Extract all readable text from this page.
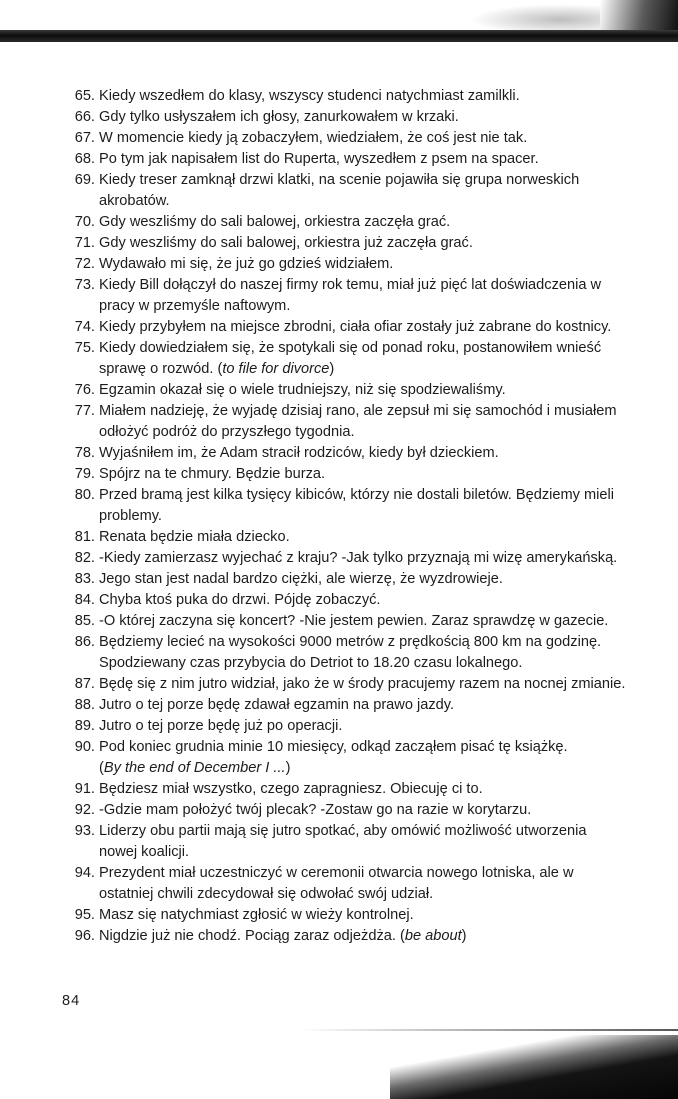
65. Kiedy wszedłem do klasy, wszyscy studenci natychmiast zamilkli.
66. Gdy tylko usłyszałem ich głosy, zanurkowałem w krzaki.
67. W momencie kiedy ją zobaczyłem, wiedziałem, że coś jest nie tak.
68. Po tym jak napisałem list do Ruperta, wyszedłem z psem na spacer.
69. Kiedy treser zamknął drzwi klatki, na scenie pojawiła się grupa norweskich akrobatów.
70. Gdy weszliśmy do sali balowej, orkiestra zaczęła grać.
71. Gdy weszliśmy do sali balowej, orkiestra już zaczęła grać.
72. Wydawało mi się, że już go gdzieś widziałem.
73. Kiedy Bill dołączył do naszej firmy rok temu, miał już pięć lat doświadczenia w pracy w przemyśle naftowym.
74. Kiedy przybyłem na miejsce zbrodni, ciała ofiar zostały już zabrane do kostnicy.
75. Kiedy dowiedziałem się, że spotykali się od ponad roku, postanowiłem wnieść sprawę o rozwód. (to file for divorce)
76. Egzamin okazał się o wiele trudniejszy, niż się spodziewaliśmy.
77. Miałem nadzieję, że wyjadę dzisiaj rano, ale zepsuł mi się samochód i musiałem odłożyć podróż do przyszłego tygodnia.
78. Wyjaśniłem im, że Adam stracił rodziców, kiedy był dzieckiem.
79. Spójrz na te chmury. Będzie burza.
80. Przed bramą jest kilka tysięcy kibiców, którzy nie dostali biletów. Będziemy mieli problemy.
81. Renata będzie miała dziecko.
82. -Kiedy zamierzasz wyjechać z kraju? -Jak tylko przyznają mi wizę amerykańską.
83. Jego stan jest nadal bardzo ciężki, ale wierzę, że wyzdrowieje.
84. Chyba ktoś puka do drzwi. Pójdę zobaczyć.
85. -O której zaczyna się koncert? -Nie jestem pewien. Zaraz sprawdzę w gazecie.
86. Będziemy lecieć na wysokości 9000 metrów z prędkością 800 km na godzinę. Spodziewany czas przybycia do Detriot to 18.20 czasu lokalnego.
87. Będę się z nim jutro widział, jako że w środy pracujemy razem na nocnej zmianie.
88. Jutro o tej porze będę zdawał egzamin na prawo jazdy.
89. Jutro o tej porze będę już po operacji.
90. Pod koniec grudnia minie 10 miesięcy, odkąd zacząłem pisać tę książkę.
(By the end of December I ...)
91. Będziesz miał wszystko, czego zapragniesz. Obiecuję ci to.
92. -Gdzie mam położyć twój plecak? -Zostaw go na razie w korytarzu.
93. Liderzy obu partii mają się jutro spotkać, aby omówić możliwość utworzenia nowej koalicji.
94. Prezydent miał uczestniczyć w ceremonii otwarcia nowego lotniska, ale w ostatniej chwili zdecydował się odwołać swój udział.
95. Masz się natychmiast zgłosić w wieży kontrolnej.
96. Nigdzie już nie chodź. Pociąg zaraz odjeżdża. (be about)
84
